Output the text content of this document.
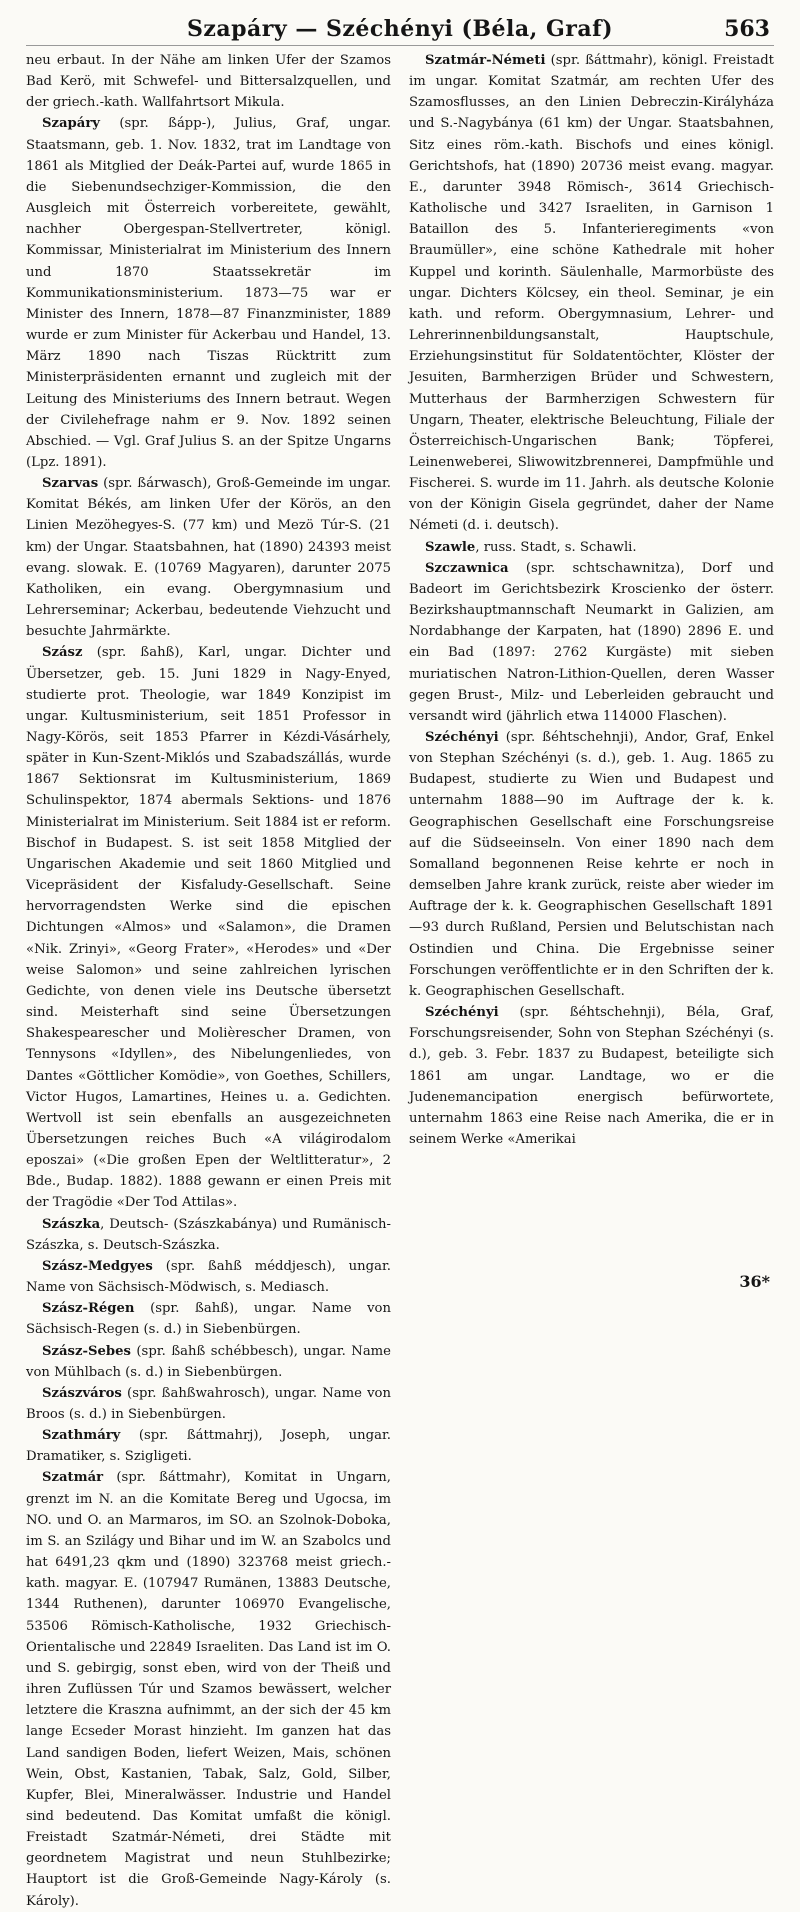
Szapáry — Széchényi (Béla, Graf)	563

neu erbaut. In der Nähe am linken Ufer der Szamos Bad Kerö, mit Schwefel- und Bittersalzquellen, und der griech.-kath. Wallfahrtsort Mikula.

Szapáry (spr. ßápp-), Julius, Graf, ungar. Staatsmann, geb. 1. Nov. 1832, trat im Landtage von 1861 als Mitglied der Deák-Partei auf, wurde 1865 in die Siebenundsechziger-Kommission, die den Ausgleich mit Österreich vorbereitete, gewählt, nachher Obergespan-Stellvertreter, königl. Kommissar, Ministerialrat im Ministerium des Innern und 1870 Staatssekretär im Kommunikationsministerium. 1873—75 war er Minister des Innern, 1878—87 Finanzminister, 1889 wurde er zum Minister für Ackerbau und Handel, 13. März 1890 nach Tiszas Rücktritt zum Ministerpräsidenten ernannt und zugleich mit der Leitung des Ministeriums des Innern betraut. Wegen der Civilehefrage nahm er 9. Nov. 1892 seinen Abschied. — Vgl. Graf Julius S. an der Spitze Ungarns (Lpz. 1891).

Szarvas (spr. ßárwasch), Groß-Gemeinde im ungar. Komitat Békés, am linken Ufer der Körös, an den Linien Mezöhegyes-S. (77 km) und Mezö Túr-S. (21 km) der Ungar. Staatsbahnen, hat (1890) 24393 meist evang. slowak. E. (10769 Magyaren), darunter 2075 Katholiken, ein evang. Obergymnasium und Lehrerseminar; Ackerbau, bedeutende Viehzucht und besuchte Jahrmärkte.

Szász (spr. ßahß), Karl, ungar. Dichter und Übersetzer, geb. 15. Juni 1829 in Nagy-Enyed, studierte prot. Theologie, war 1849 Konzipist im ungar. Kultusministerium, seit 1851 Professor in Nagy-Körös, seit 1853 Pfarrer in Kézdi-Vásárhely, später in Kun-Szent-Miklós und Szabadszállás, wurde 1867 Sektionsrat im Kultusministerium, 1869 Schulinspektor, 1874 abermals Sektions- und 1876 Ministerialrat im Ministerium. Seit 1884 ist er reform. Bischof in Budapest. S. ist seit 1858 Mitglied der Ungarischen Akademie und seit 1860 Mitglied und Vicepräsident der Kisfaludy-Gesellschaft. Seine hervorragendsten Werke sind die epischen Dichtungen «Almos» und «Salamon», die Dramen «Nik. Zrinyi», «Georg Frater», «Herodes» und «Der weise Salomon» und seine zahlreichen lyrischen Gedichte, von denen viele ins Deutsche übersetzt sind. Meisterhaft sind seine Übersetzungen Shakespearescher und Molièrescher Dramen, von Tennysons «Idyllen», des Nibelungenliedes, von Dantes «Göttlicher Komödie», von Goethes, Schillers, Victor Hugos, Lamartines, Heines u. a. Gedichten. Wertvoll ist sein ebenfalls an ausgezeichneten Übersetzungen reiches Buch «A világirodalom eposzai» («Die großen Epen der Weltlitteratur», 2 Bde., Budap. 1882). 1888 gewann er einen Preis mit der Tragödie «Der Tod Attilas».

Szászka, Deutsch- (Szászkabánya) und Rumänisch-Szászka, s. Deutsch-Szászka.

Szász-Medgyes (spr. ßahß méddjesch), ungar. Name von Sächsisch-Mödwisch, s. Mediasch.

Szász-Régen (spr. ßahß), ungar. Name von Sächsisch-Regen (s. d.) in Siebenbürgen.

Szász-Sebes (spr. ßahß schébbesch), ungar. Name von Mühlbach (s. d.) in Siebenbürgen.

Szászváros (spr. ßahßwahrosch), ungar. Name von Broos (s. d.) in Siebenbürgen.

Szathmáry (spr. ßáttmahrj), Joseph, ungar. Dramatiker, s. Szigligeti.

Szatmár (spr. ßáttmahr), Komitat in Ungarn, grenzt im N. an die Komitate Bereg und Ugocsa, im NO. und O. an Marmaros, im SO. an Szolnok-Doboka, im S. an Szilágy und Bihar und im W. an Szabolcs und hat 6491,23 qkm und (1890) 323768 meist griech.-kath. magyar. E. (107947 Rumänen, 13883 Deutsche, 1344 Ruthenen), darunter 106970 Evangelische, 53506 Römisch-Katholische, 1932 Griechisch-Orientalische und 22849 Israeliten. Das Land ist im O. und S. gebirgig, sonst eben, wird von der Theiß und ihren Zuflüssen Túr und Szamos bewässert, welcher letztere die Kraszna aufnimmt, an der sich der 45 km lange Ecseder Morast hinzieht. Im ganzen hat das Land sandigen Boden, liefert Weizen, Mais, schönen Wein, Obst, Kastanien, Tabak, Salz, Gold, Silber, Kupfer, Blei, Mineralwässer. Industrie und Handel sind bedeutend. Das Komitat umfaßt die königl. Freistadt Szatmár-Németi, drei Städte mit geordnetem Magistrat und neun Stuhlbezirke; Hauptort ist die Groß-Gemeinde Nagy-Károly (s. Károly).

Szatmár-Németi (spr. ßáttmahr), königl. Freistadt im ungar. Komitat Szatmár, am rechten Ufer des Szamosflusses, an den Linien Debreczin-Királyháza und S.-Nagybánya (61 km) der Ungar. Staatsbahnen, Sitz eines röm.-kath. Bischofs und eines königl. Gerichtshofs, hat (1890) 20736 meist evang. magyar. E., darunter 3948 Römisch-, 3614 Griechisch-Katholische und 3427 Israeliten, in Garnison 1 Bataillon des 5. Infanterieregiments «von Braumüller», eine schöne Kathedrale mit hoher Kuppel und korinth. Säulenhalle, Marmorbüste des ungar. Dichters Kölcsey, ein theol. Seminar, je ein kath. und reform. Obergymnasium, Lehrer- und Lehrerinnenbildungsanstalt, Hauptschule, Erziehungsinstitut für Soldatentöchter, Klöster der Jesuiten, Barmherzigen Brüder und Schwestern, Mutterhaus der Barmherzigen Schwestern für Ungarn, Theater, elektrische Beleuchtung, Filiale der Österreichisch-Ungarischen Bank; Töpferei, Leinenweberei, Sliwowitzbrennerei, Dampfmühle und Fischerei. S. wurde im 11. Jahrh. als deutsche Kolonie von der Königin Gisela gegründet, daher der Name Németi (d. i. deutsch).

Szawle, russ. Stadt, s. Schawli.

Szczawnica (spr. schtschawnitza), Dorf und Badeort im Gerichtsbezirk Kroscienko der österr. Bezirkshauptmannschaft Neumarkt in Galizien, am Nordabhange der Karpaten, hat (1890) 2896 E. und ein Bad (1897: 2762 Kurgäste) mit sieben muriatischen Natron-Lithion-Quellen, deren Wasser gegen Brust-, Milz- und Leberleiden gebraucht und versandt wird (jährlich etwa 114000 Flaschen).

Széchényi (spr. ßéhtschehnji), Andor, Graf, Enkel von Stephan Széchényi (s. d.), geb. 1. Aug. 1865 zu Budapest, studierte zu Wien und Budapest und unternahm 1888—90 im Auftrage der k. k. Geographischen Gesellschaft eine Forschungsreise auf die Südseeinseln. Von einer 1890 nach dem Somalland begonnenen Reise kehrte er noch in demselben Jahre krank zurück, reiste aber wieder im Auftrage der k. k. Geographischen Gesellschaft 1891—93 durch Rußland, Persien und Belutschistan nach Ostindien und China. Die Ergebnisse seiner Forschungen veröffentlichte er in den Schriften der k. k. Geographischen Gesellschaft.

Széchényi (spr. ßéhtschehnji), Béla, Graf, Forschungsreisender, Sohn von Stephan Széchényi (s. d.), geb. 3. Febr. 1837 zu Budapest, beteiligte sich 1861 am ungar. Landtage, wo er die Judenemancipation energisch befürwortete, unternahm 1863 eine Reise nach Amerika, die er in seinem Werke «Amerikai

36*
